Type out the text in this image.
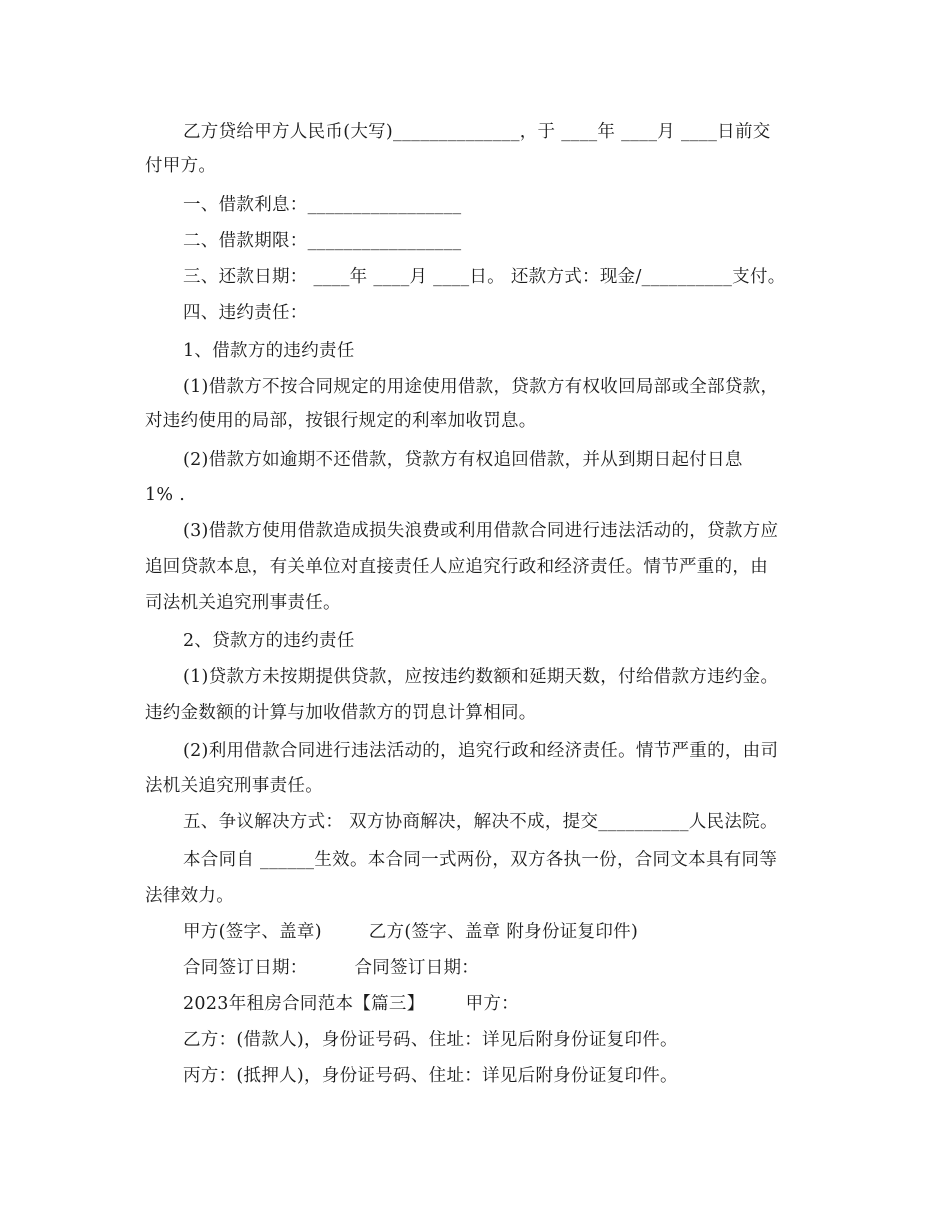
乙方贷给甲方人民币(大写)______________，于 ____年 ____月 ____日前交
付甲方。
一、借款利息：_________________
二、借款期限：_________________
三、还款日期： ____年 ____月 ____日。 还款方式：现金/__________支付。
四、违约责任：
1、借款方的违约责任
(1)借款方不按合同规定的用途使用借款，贷款方有权收回局部或全部贷款，
对违约使用的局部，按银行规定的利率加收罚息。
(2)借款方如逾期不还借款，贷款方有权追回借款，并从到期日起付日息
1% .
(3)借款方使用借款造成损失浪费或利用借款合同进行违法活动的，贷款方应
追回贷款本息，有关单位对直接责任人应追究行政和经济责任。情节严重的，由
司法机关追究刑事责任。
2、贷款方的违约责任
(1)贷款方未按期提供贷款，应按违约数额和延期天数，付给借款方违约金。
违约金数额的计算与加收借款方的罚息计算相同。
(2)利用借款合同进行违法活动的，追究行政和经济责任。情节严重的，由司
法机关追究刑事责任。
五、争议解决方式： 双方协商解决，解决不成，提交__________人民法院。
本合同自 ______生效。本合同一式两份，双方各执一份，合同文本具有同等
法律效力。
甲方(签字、盖章)        乙方(签字、盖章 附身份证复印件)
合同签订日期：        合同签订日期：
2023年租房合同范本【篇三】       甲方：
乙方：(借款人)，身份证号码、住址：详见后附身份证复印件。
丙方：(抵押人)，身份证号码、住址：详见后附身份证复印件。
